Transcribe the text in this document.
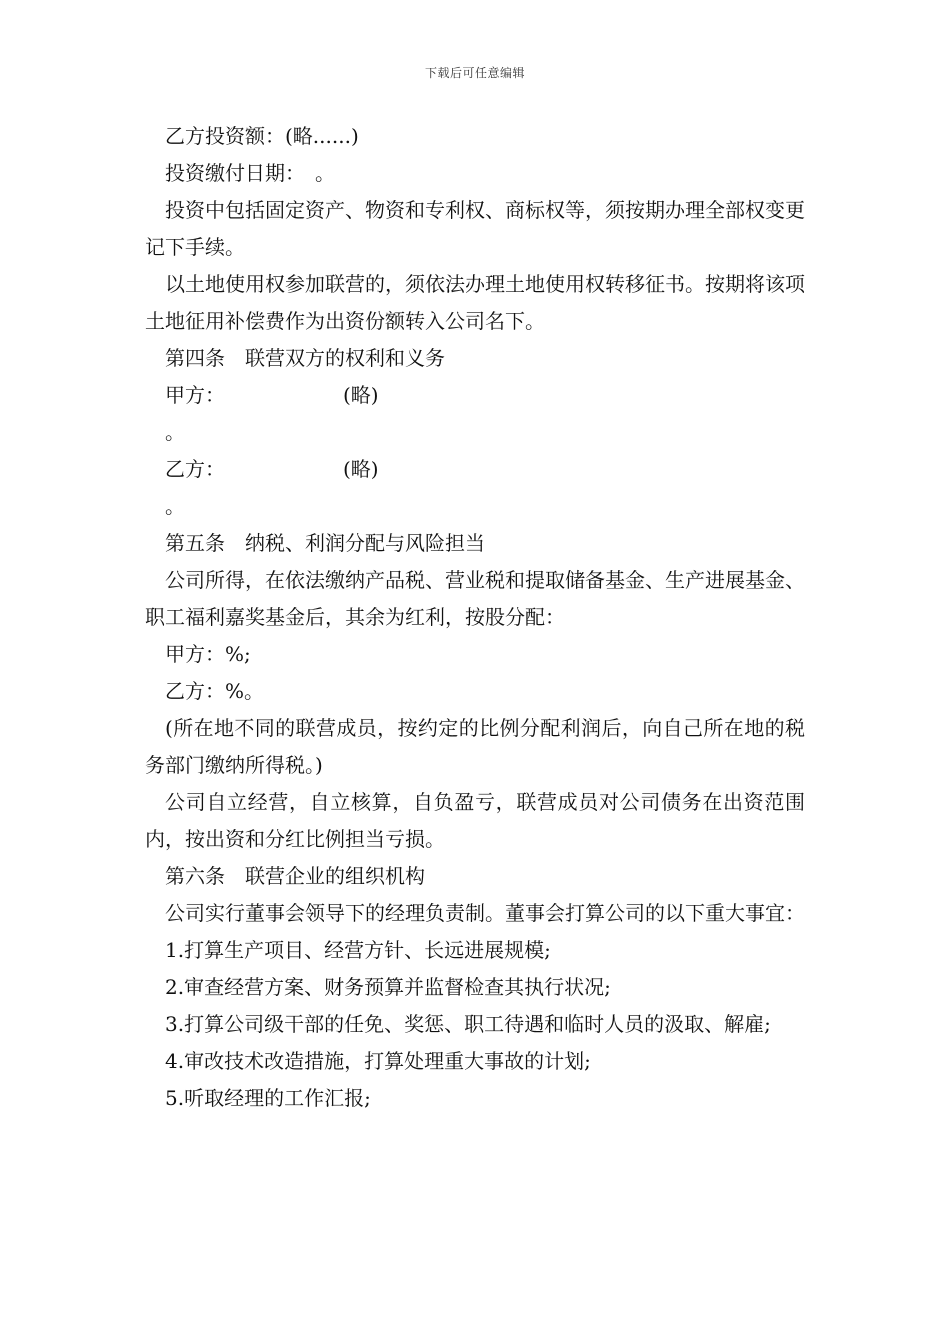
下载后可任意编辑

乙方投资额：(略......)

投资缴付日期：　。

投资中包括固定资产、物资和专利权、商标权等，须按期办理全部权变更记下手续。

以土地使用权参加联营的，须依法办理土地使用权转移征书。按期将该项土地征用补偿费作为出资份额转入公司名下。

第四条　联营双方的权利和义务

甲方：	(略)

。

乙方：	(略)

。

第五条　纳税、利润分配与风险担当

公司所得，在依法缴纳产品税、营业税和提取储备基金、生产进展基金、职工福利嘉奖基金后，其余为红利，按股分配：

甲方：%;

乙方：%。

(所在地不同的联营成员，按约定的比例分配利润后，向自己所在地的税务部门缴纳所得税。)

公司自立经营，自立核算，自负盈亏，联营成员对公司债务在出资范围内，按出资和分红比例担当亏损。

第六条　联营企业的组织机构

公司实行董事会领导下的经理负责制。董事会打算公司的以下重大事宜：

1.打算生产项目、经营方针、长远进展规模;

2.审查经营方案、财务预算并监督检查其执行状况;

3.打算公司级干部的任免、奖惩、职工待遇和临时人员的汲取、解雇;

4.审改技术改造措施，打算处理重大事故的计划;

5.听取经理的工作汇报;
